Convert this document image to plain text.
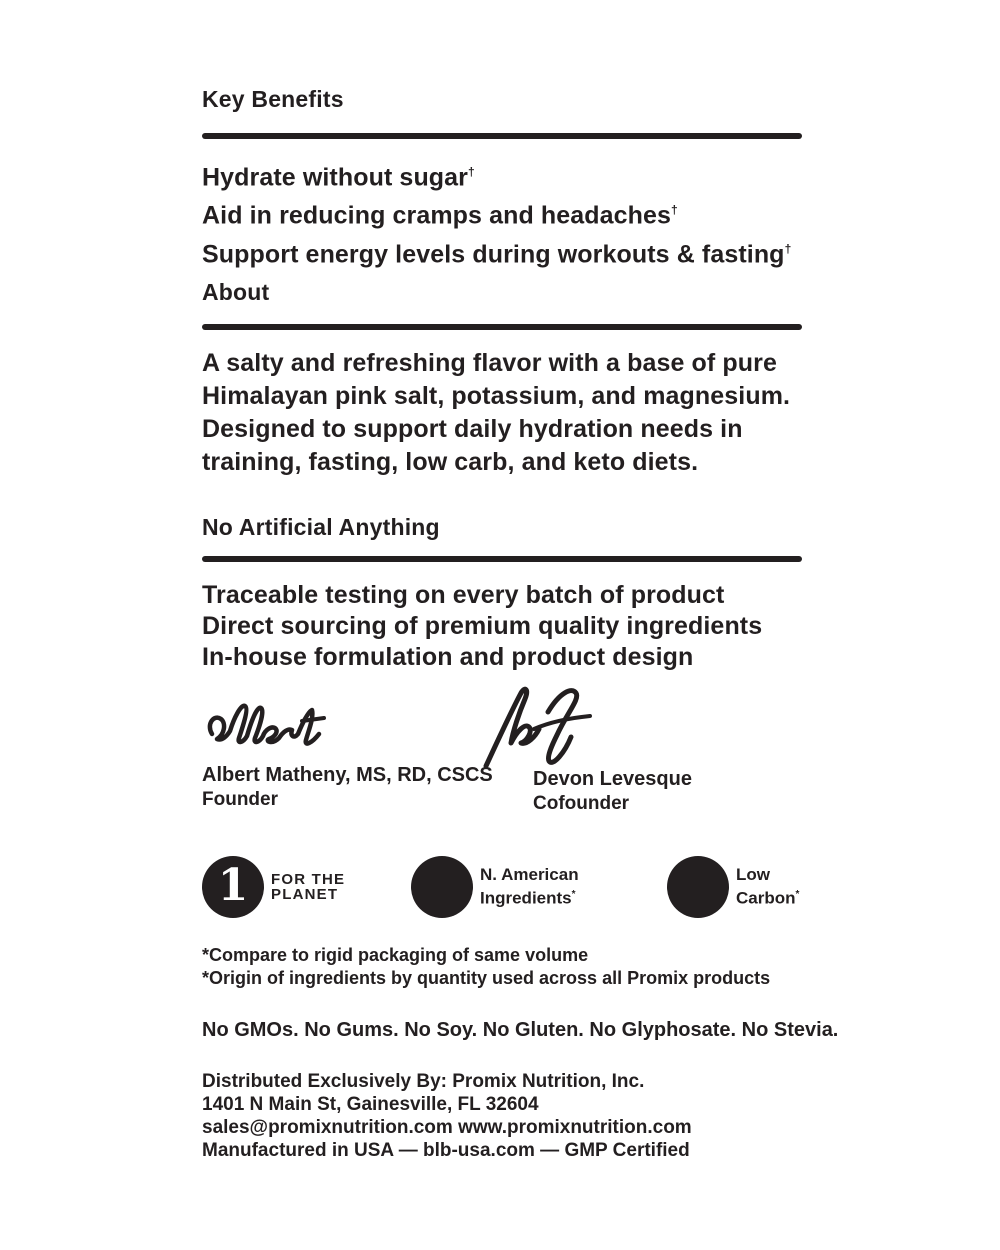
Key Benefits
Hydrate without sugar†
Aid in reducing cramps and headaches†
Support energy levels during workouts & fasting†
About
A salty and refreshing flavor with a base of pure
Himalayan pink salt, potassium, and magnesium.
Designed to support daily hydration needs in
training, fasting, low carb, and keto diets.
No Artificial Anything
Traceable testing on every batch of product
Direct sourcing of premium quality ingredients
In-house formulation and product design
Albert Matheny, MS, RD, CSCS
Founder
Devon Levesque
Cofounder
1 FOR THE
PLANET
N. American
Ingredients*
Low
Carbon*
*Compare to rigid packaging of same volume
*Origin of ingredients by quantity used across all Promix products
No GMOs. No Gums. No Soy. No Gluten. No Glyphosate. No Stevia.
Distributed Exclusively By: Promix Nutrition, Inc.
1401 N Main St, Gainesville, FL 32604
sales@promixnutrition.com www.promixnutrition.com
Manufactured in USA — blb-usa.com — GMP Certified
